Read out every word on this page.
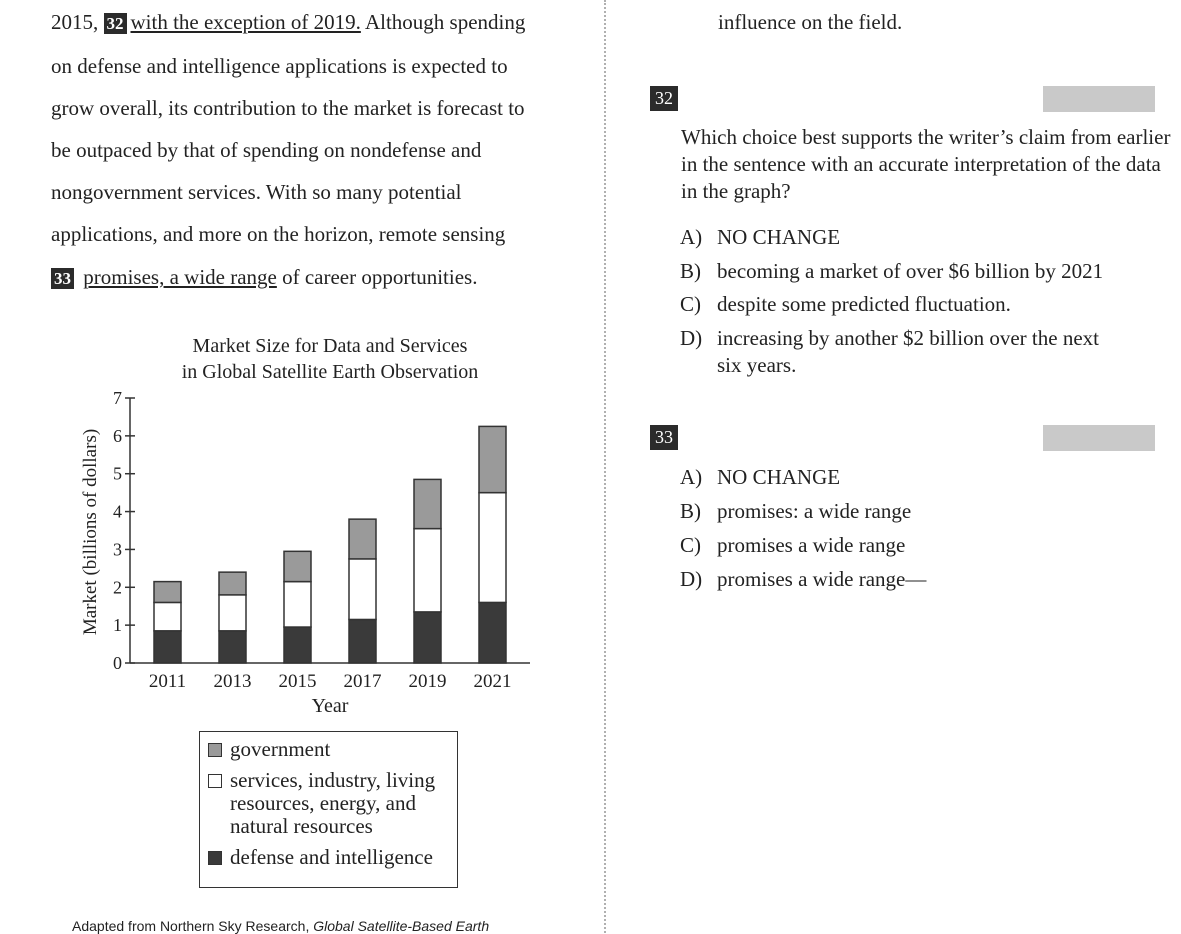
2015, 32 with the exception of 2019. Although spending
on defense and intelligence applications is expected to
grow overall, its contribution to the market is forecast to
be outpaced by that of spending on nondefense and
nongovernment services. With so many potential
applications, and more on the horizon, remote sensing
33 promises, a wide range of career opportunities.
Market Size for Data and Services
in Global Satellite Earth Observation
0
1
2
3
4
5
6
7
2011 2013 2015 2017 2019 2021
Year
Market (billions of dollars)
government
services, industry, living
resources, energy, and
natural resources
defense and intelligence
Adapted from Northern Sky Research, Global Satellite-Based Earth
influence on the field.
32
Which choice best supports the writer’s claim from earlier in the sentence with an accurate interpretation of the data in the graph?
A) NO CHANGE
B) becoming a market of over $6 billion by 2021
C) despite some predicted fluctuation.
D) increasing by another $2 billion over the next six years.
33
A) NO CHANGE
B) promises: a wide range
C) promises a wide range
D) promises a wide range—
